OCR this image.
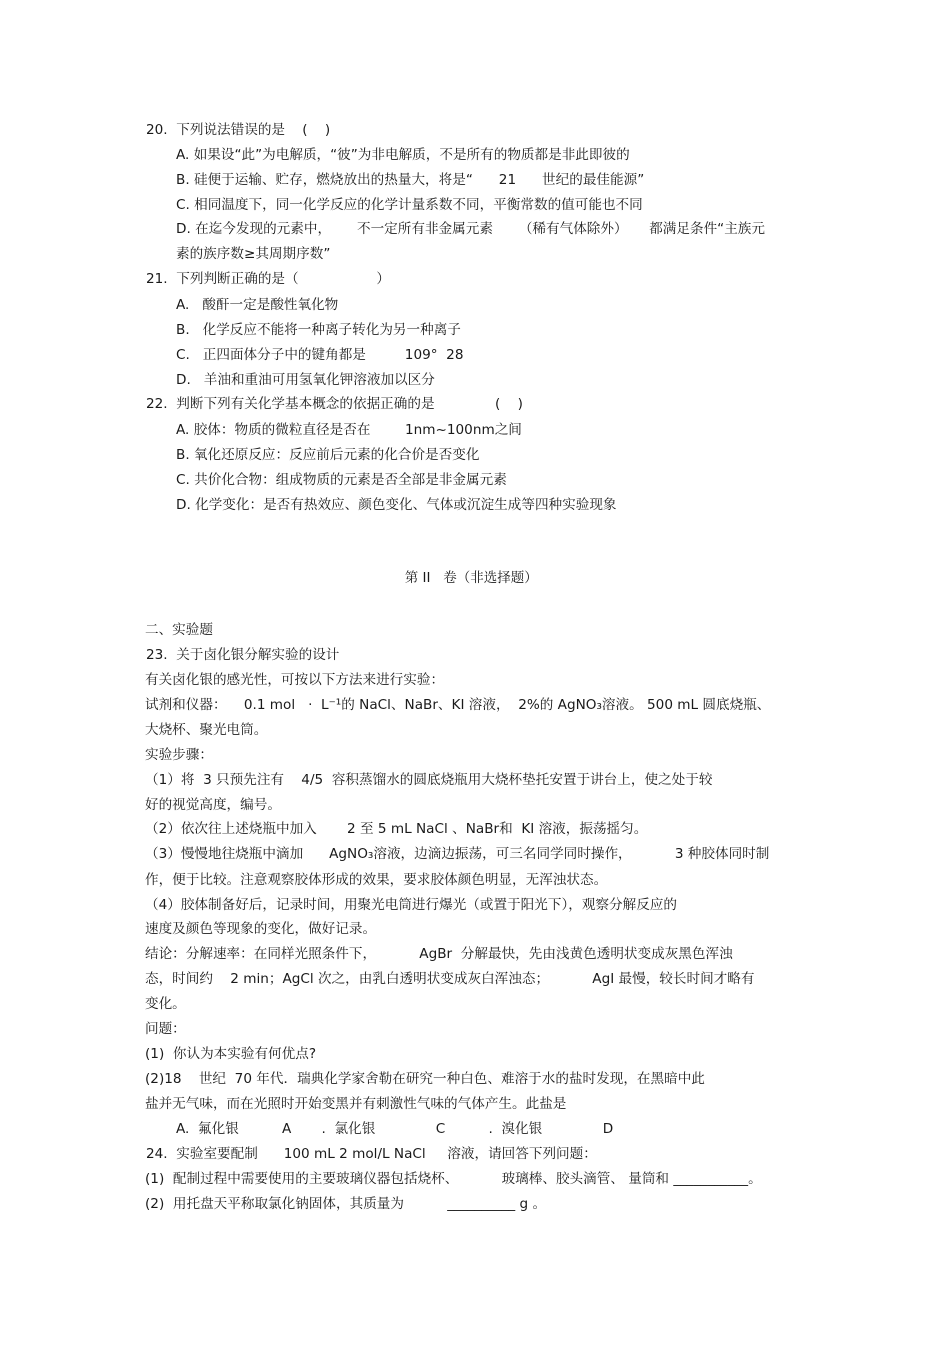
20.  下列说法错误的是    (    )
A. 如果设“此”为电解质，“彼”为非电解质，不是所有的物质都是非此即彼的
B. 硅便于运输、贮存，燃烧放出的热量大，将是“      21      世纪的最佳能源”
C. 相同温度下，同一化学反应的化学计量系数不同，平衡常数的值可能也不同
D. 在迄今发现的元素中，      不一定所有非金属元素      （稀有气体除外）     都满足条件“主族元
素的族序数≥其周期序数”
21.  下列判断正确的是（                  ）
A.   酸酐一定是酸性氧化物
B.   化学反应不能将一种离子转化为另一种离子
C.   正四面体分子中的键角都是         109°  28
D.   羊油和重油可用氢氧化钾溶液加以区分
22.  判断下列有关化学基本概念的依据正确的是              (    )
A. 胶体：物质的微粒直径是否在        1nm~100nm之间
B. 氧化还原反应：反应前后元素的化合价是否变化
C. 共价化合物：组成物质的元素是否全部是非金属元素
D. 化学变化：是否有热效应、颜色变化、气体或沉淀生成等四种实验现象
第 II   卷（非选择题）
二、实验题
23.  关于卤化银分解实验的设计
有关卤化银的感光性，可按以下方法来进行实验：
试剂和仪器：    0.1 mol   ·  L⁻¹的 NaCl、NaBr、KI 溶液，  2%的 AgNO₃溶液。 500 mL 圆底烧瓶、
大烧杯、聚光电筒。
实验步骤：
（1）将  3 只预先注有    4/5  容积蒸馏水的圆底烧瓶用大烧杯垫托安置于讲台上，使之处于较
好的视觉高度，编号。
（2）依次往上述烧瓶中加入       2 至 5 mL NaCl 、NaBr和  KI 溶液，振荡摇匀。
（3）慢慢地往烧瓶中滴加      AgNO₃溶液，边滴边振荡，可三名同学同时操作，          3 种胶体同时制
作，便于比较。注意观察胶体形成的效果，要求胶体颜色明显，无浑浊状态。
（4）胶体制备好后，记录时间，用聚光电筒进行爆光（或置于阳光下），观察分解反应的
速度及颜色等现象的变化，做好记录。
结论：分解速率：在同样光照条件下，          AgBr  分解最快，先由浅黄色透明状变成灰黑色浑浊
态，时间约    2 min；AgCl 次之，由乳白透明状变成灰白浑浊态；          AgI 最慢，较长时间才略有
变化。
问题：
(1)  你认为本实验有何优点?
(2)18    世纪  70 年代．瑞典化学家舍勒在研究一种白色、难溶于水的盐时发现，在黑暗中此
盐并无气味，而在光照时开始变黑并有刺激性气味的气体产生。此盐是
A.  氟化银          A       .  氯化银              C          .  溴化银              D
24.  实验室要配制      100 mL 2 mol/L NaCl     溶液，请回答下列问题：
(1)  配制过程中需要使用的主要玻璃仪器包括烧杯、          玻璃棒、胶头滴管、 量筒和 ___________。
(2)  用托盘天平称取氯化钠固体，其质量为          __________ g 。
